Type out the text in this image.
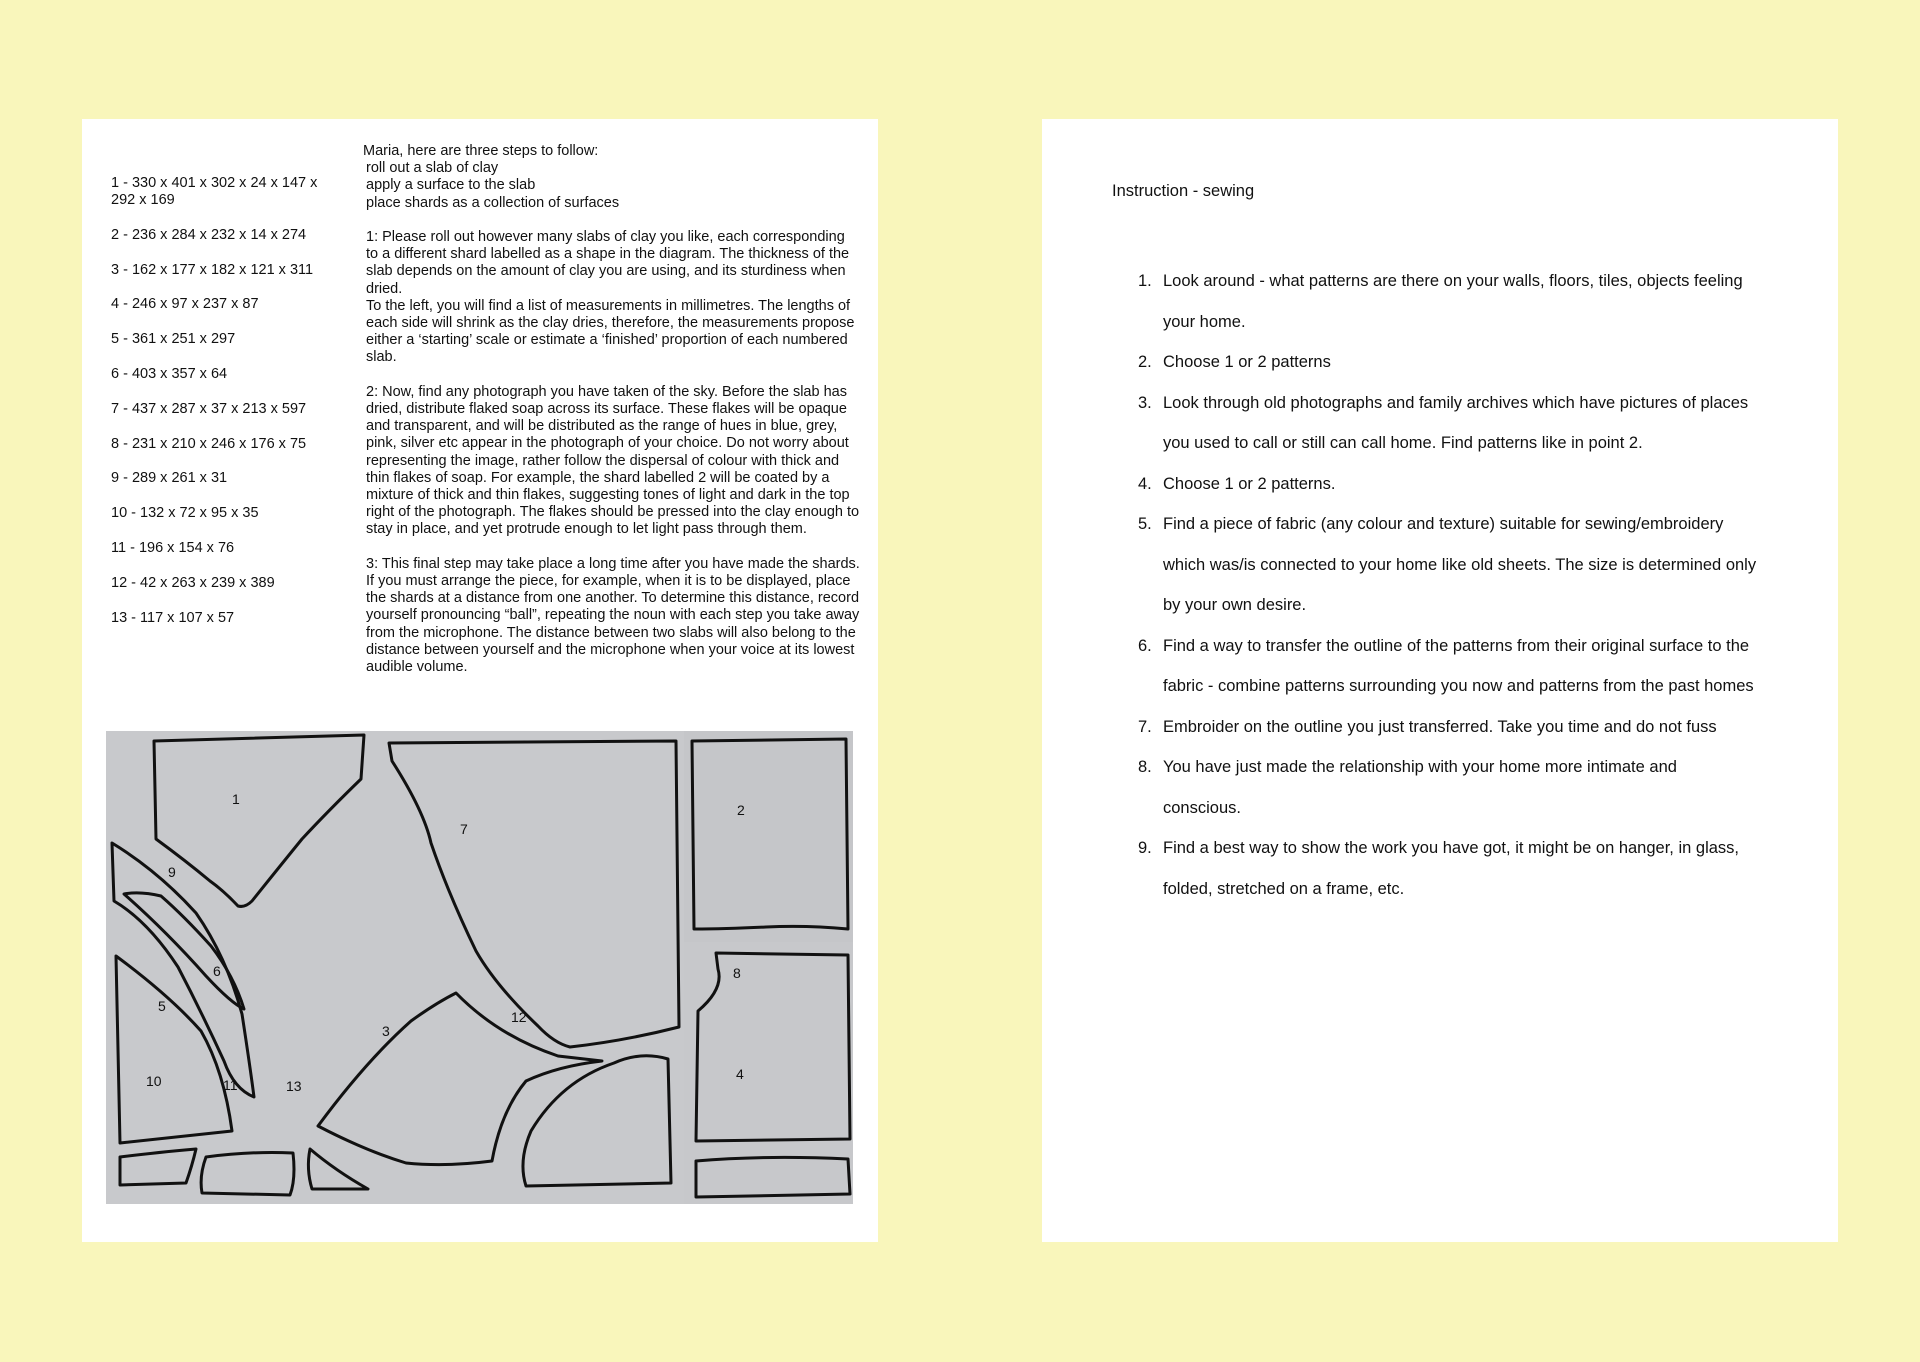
1 - 330 x 401 x 302 x 24 x 147 x 292 x 169
2 - 236 x 284 x 232 x 14 x 274
3 - 162 x 177 x 182 x 121 x 311
4 - 246 x 97 x 237 x 87
5 - 361 x 251 x 297
6 - 403 x 357 x 64
7 - 437 x 287 x 37 x 213 x 597
8 - 231 x 210 x 246 x 176 x 75
9 - 289 x 261 x 31
10 - 132 x 72 x 95 x 35
11 - 196 x 154 x 76
12 - 42 x 263 x 239 x 389
13 - 117 x 107 x 57

Maria, here are three steps to follow:

roll out a slab of clay

apply a surface to the slab

place shards as a collection of surfaces

1: Please roll out however many slabs of clay you like, each corresponding to a different shard labelled as a shape in the diagram. The thickness of the slab depends on the amount of clay you are using, and its sturdiness when dried.

To the left, you will find a list of measurements in millimetres. The lengths of each side will shrink as the clay dries, therefore, the measurements propose either a ‘starting’ scale or estimate a ‘finished’ proportion of each numbered slab.

2: Now, find any photograph you have taken of the sky. Before the slab has dried, distribute flaked soap across its surface. These flakes will be opaque and transparent, and will be distributed as the range of hues in blue, grey, pink, silver etc appear in the photograph of your choice. Do not worry about representing the image, rather follow the dispersal of colour with thick and thin flakes of soap. For example, the shard labelled 2 will be coated by a mixture of thick and thin flakes, suggesting tones of light and dark in the top right of the photograph. The flakes should be pressed into the clay enough to stay in place, and yet protrude enough to let light pass through them.

3: This final step may take place a long time after you have made the shards. If you must arrange the piece, for example, when it is to be displayed, place the shards at a distance from one another. To determine this distance, record yourself pronouncing “ball”, repeating the noun with each step you take away from the microphone. The distance between two slabs will also belong to the distance between yourself and the microphone when your voice at its lowest audible volume.

1
2
3
4
5
6
7
8
9
10	11
12
13
Instruction - sewing
1. Look around - what patterns are there on your walls, floors, tiles, objects feeling
your home.
2. Choose 1 or 2 patterns
3. Look through old photographs and family archives which have pictures of places
you used to call or still can call home. Find patterns like in point 2.
4. Choose 1 or 2 patterns.
5. Find a piece of fabric (any colour and texture) suitable for sewing/embroidery
which was/is connected to your home like old sheets. The size is determined only
by your own desire.
6. Find a way to transfer the outline of the patterns from their original surface to the
fabric - combine patterns surrounding you now and patterns from the past homes
7. Embroider on the outline you just transferred. Take you time and do not fuss
8. You have just made the relationship with your home more intimate and
conscious.
9. Find a best way to show the work you have got, it might be on hanger, in glass,
folded, stretched on a frame, etc.
